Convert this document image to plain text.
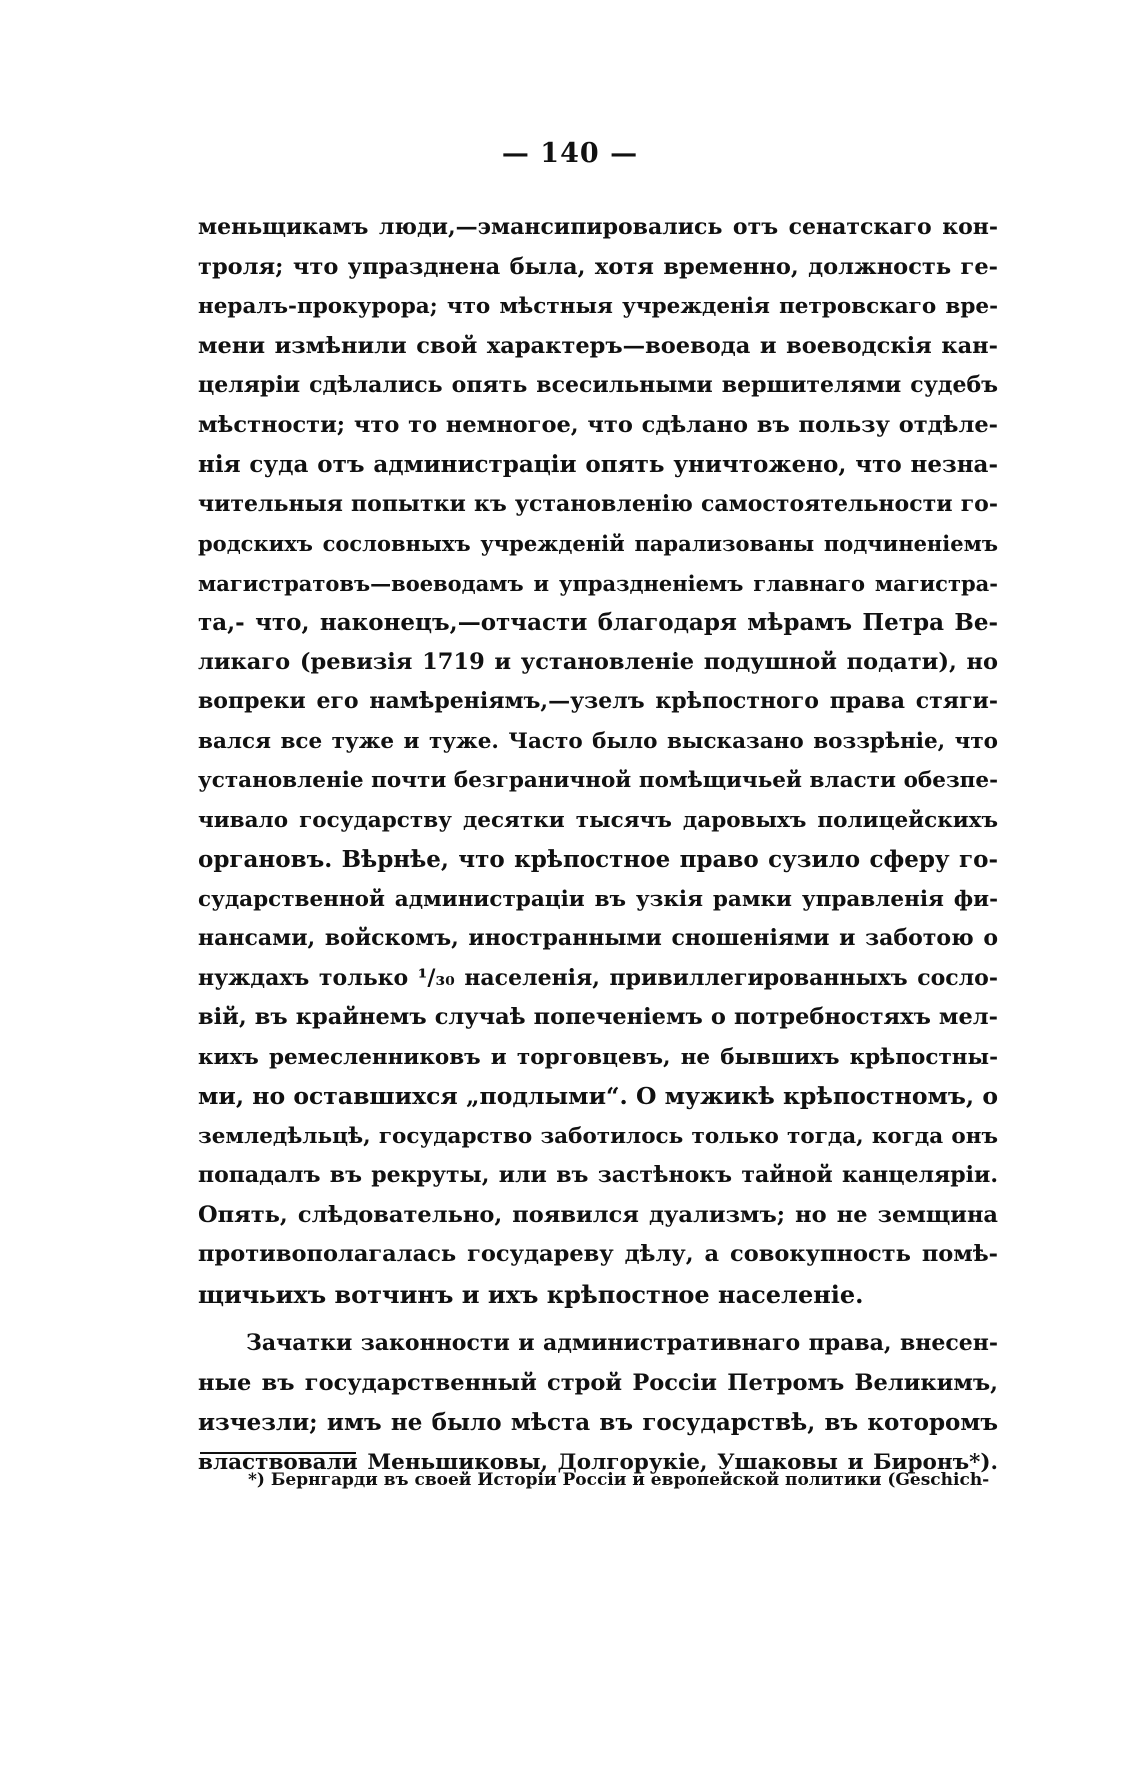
— 140 —
меньщикамъ люди,—эмансипировались отъ сенатскаго кон-
троля; что упразднена была, хотя временно, должность ге-
нералъ-прокурора; что мѣстныя учрежденія петровскаго вре-
мени измѣнили свой характеръ—воевода и воеводскія кан-
целяріи сдѣлались опять всесильными вершителями судебъ
мѣстности; что то немногое, что сдѣлано въ пользу отдѣле-
нія суда отъ администраціи опять уничтожено, что незна-
чительныя попытки къ установленію самостоятельности го-
родскихъ сословныхъ учрежденій парализованы подчиненіемъ
магистратовъ—воеводамъ и упраздненіемъ главнаго магистра-
та,- что, наконецъ,—отчасти благодаря мѣрамъ Петра Ве-
ликаго (ревизія 1719 и установленіе подушной подати), но
вопреки его намѣреніямъ,—узелъ крѣпостного права стяги-
вался все туже и туже. Часто было высказано воззрѣніе, что
установленіе почти безграничной помѣщичьей власти обезпе-
чивало государству десятки тысячъ даровыхъ полицейскихъ
органовъ. Вѣрнѣе, что крѣпостное право сузило сферу го-
сударственной администраціи въ узкія рамки управленія фи-
нансами, войскомъ, иностранными сношеніями и заботою о
нуждахъ только ¹/₃₀ населенія, привиллегированныхъ сосло-
вій, въ крайнемъ случаѣ попеченіемъ о потребностяхъ мел-
кихъ ремесленниковъ и торговцевъ, не бывшихъ крѣпостны-
ми, но оставшихся „подлыми“. О мужикѣ крѣпостномъ, о
земледѣльцѣ, государство заботилось только тогда, когда онъ
попадалъ въ рекруты, или въ застѣнокъ тайной канцеляріи.
Опять, слѣдовательно, появился дуализмъ; но не земщина
противополагалась государеву дѣлу, а совокупность помѣ-
щичьихъ вотчинъ и ихъ крѣпостное населеніе.
Зачатки законности и административнаго права, внесен-
ные въ государственный строй Россіи Петромъ Великимъ,
изчезли; имъ не было мѣста въ государствѣ, въ которомъ
властвовали Меньшиковы, Долгорукіе, Ушаковы и Биронъ*).
*) Бернгарди въ своей Исторіи Россіи и европейской политики (Geschich-
